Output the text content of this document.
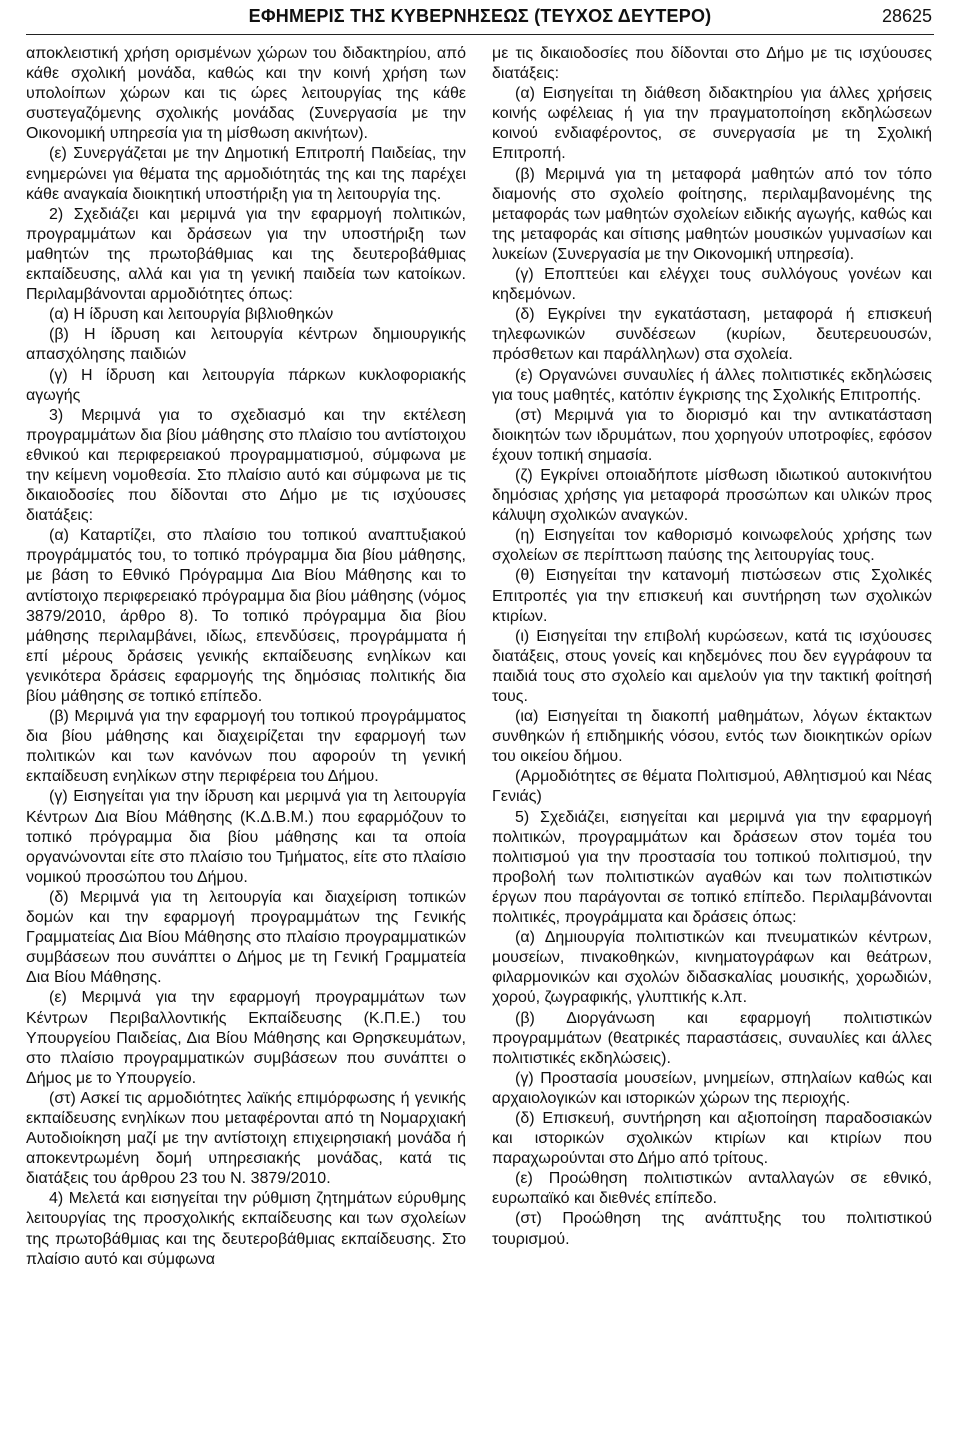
ΕΦΗΜΕΡΙΣ ΤΗΣ ΚΥΒΕΡΝΗΣΕΩΣ (ΤΕΥΧΟΣ ΔΕΥΤΕΡΟ)	28625

αποκλειστική χρήση ορισμένων χώρων του διδακτηρίου, από κάθε σχολική μονάδα, καθώς και την κοινή χρήση των υπολοίπων χώρων και τις ώρες λειτουργίας της κάθε συστεγαζόμενης σχολικής μονάδας (Συνεργασία με την Οικονομική υπηρεσία για τη μίσθωση ακινήτων).

(ε) Συνεργάζεται με την Δημοτική Επιτροπή Παιδείας, την ενημερώνει για θέματα της αρμοδιότητάς της και της παρέχει κάθε αναγκαία διοικητική υποστήριξη για τη λειτουργία της.

2) Σχεδιάζει και μεριμνά για την εφαρμογή πολιτικών, προγραμμάτων και δράσεων για την υποστήριξη των μαθητών της πρωτοβάθμιας και της δευτεροβάθμιας εκπαίδευσης, αλλά και για τη γενική παιδεία των κατοίκων. Περιλαμβάνονται αρμοδιότητες όπως:

(α) Η ίδρυση και λειτουργία βιβλιοθηκών

(β) Η ίδρυση και λειτουργία κέντρων δημιουργικής απασχόλησης παιδιών

(γ) Η ίδρυση και λειτουργία πάρκων κυκλοφοριακής αγωγής

3) Μεριμνά για το σχεδιασμό και την εκτέλεση προγραμμάτων δια βίου μάθησης στο πλαίσιο του αντίστοιχου εθνικού και περιφερειακού προγραμματισμού, σύμφωνα με την κείμενη νομοθεσία. Στο πλαίσιο αυτό και σύμφωνα με τις δικαιοδοσίες που δίδονται στο Δήμο με τις ισχύουσες διατάξεις:

(α) Καταρτίζει, στο πλαίσιο του τοπικού αναπτυξιακού προγράμματός του, το τοπικό πρόγραμμα δια βίου μάθησης, με βάση το Εθνικό Πρόγραμμα Δια Βίου Μάθησης και το αντίστοιχο περιφερειακό πρόγραμμα δια βίου μάθησης (νόμος 3879/2010, άρθρο 8). Το τοπικό πρόγραμμα δια βίου μάθησης περιλαμβάνει, ιδίως, επενδύσεις, προγράμματα ή επί μέρους δράσεις γενικής εκπαίδευσης ενηλίκων και γενικότερα δράσεις εφαρμογής της δημόσιας πολιτικής δια βίου μάθησης σε τοπικό επίπεδο.

(β) Μεριμνά για την εφαρμογή του τοπικού προγράμματος δια βίου μάθησης και διαχειρίζεται την εφαρμογή των πολιτικών και των κανόνων που αφορούν τη γενική εκπαίδευση ενηλίκων στην περιφέρεια του Δήμου.

(γ) Εισηγείται για την ίδρυση και μεριμνά για τη λειτουργία Κέντρων Δια Βίου Μάθησης (Κ.Δ.Β.Μ.) που εφαρμόζουν το τοπικό πρόγραμμα δια βίου μάθησης και τα οποία οργανώνονται είτε στο πλαίσιο του Τμήματος, είτε στο πλαίσιο νομικού προσώπου του Δήμου.

(δ) Μεριμνά για τη λειτουργία και διαχείριση τοπικών δομών και την εφαρμογή προγραμμάτων της Γενικής Γραμματείας Δια Βίου Μάθησης στο πλαίσιο προγραμματικών συμβάσεων που συνάπτει ο Δήμος με τη Γενική Γραμματεία Δια Βίου Μάθησης.

(ε) Μεριμνά για την εφαρμογή προγραμμάτων των Κέντρων Περιβαλλοντικής Εκπαίδευσης (Κ.Π.Ε.) του Υπουργείου Παιδείας, Δια Βίου Μάθησης και Θρησκευμάτων, στο πλαίσιο προγραμματικών συμβάσεων που συνάπτει ο Δήμος με το Υπουργείο.

(στ) Ασκεί τις αρμοδιότητες λαϊκής επιμόρφωσης ή γενικής εκπαίδευσης ενηλίκων που μεταφέρονται από τη Νομαρχιακή Αυτοδιοίκηση μαζί με την αντίστοιχη επιχειρησιακή μονάδα ή αποκεντρωμένη δομή υπηρεσιακής μονάδας, κατά τις διατάξεις του άρθρου 23 του Ν. 3879/2010.

4) Μελετά και εισηγείται την ρύθμιση ζητημάτων εύρυθμης λειτουργίας της προσχολικής εκπαίδευσης και των σχολείων της πρωτοβάθμιας και της δευτεροβάθμιας εκπαίδευσης. Στο πλαίσιο αυτό και σύμφωνα

με τις δικαιοδοσίες που δίδονται στο Δήμο με τις ισχύουσες διατάξεις:

(α) Εισηγείται τη διάθεση διδακτηρίου για άλλες χρήσεις κοινής ωφέλειας ή για την πραγματοποίηση εκδηλώσεων κοινού ενδιαφέροντος, σε συνεργασία με τη Σχολική Επιτροπή.

(β) Μεριμνά για τη μεταφορά μαθητών από τον τόπο διαμονής στο σχολείο φοίτησης, περιλαμβανομένης της μεταφοράς των μαθητών σχολείων ειδικής αγωγής, καθώς και της μεταφοράς και σίτισης μαθητών μουσικών γυμνασίων και λυκείων (Συνεργασία με την Οικονομική υπηρεσία).

(γ) Εποπτεύει και ελέγχει τους συλλόγους γονέων και κηδεμόνων.

(δ) Εγκρίνει την εγκατάσταση, μεταφορά ή επισκευή τηλεφωνικών συνδέσεων (κυρίων, δευτερευουσών, πρόσθετων και παράλληλων) στα σχολεία.

(ε) Οργανώνει συναυλίες ή άλλες πολιτιστικές εκδηλώσεις για τους μαθητές, κατόπιν έγκρισης της Σχολικής Επιτροπής.

(στ) Μεριμνά για το διορισμό και την αντικατάσταση διοικητών των ιδρυμάτων, που χορηγούν υποτροφίες, εφόσον έχουν τοπική σημασία.

(ζ) Εγκρίνει οποιαδήποτε μίσθωση ιδιωτικού αυτοκινήτου δημόσιας χρήσης για μεταφορά προσώπων και υλικών προς κάλυψη σχολικών αναγκών.

(η) Εισηγείται τον καθορισμό κοινωφελούς χρήσης των σχολείων σε περίπτωση παύσης της λειτουργίας τους.

(θ) Εισηγείται την κατανομή πιστώσεων στις Σχολικές Επιτροπές για την επισκευή και συντήρηση των σχολικών κτιρίων.

(ι) Εισηγείται την επιβολή κυρώσεων, κατά τις ισχύουσες διατάξεις, στους γονείς και κηδεμόνες που δεν εγγράφουν τα παιδιά τους στο σχολείο και αμελούν για την τακτική φοίτησή τους.

(ια) Εισηγείται τη διακοπή μαθημάτων, λόγων έκτακτων συνθηκών ή επιδημικής νόσου, εντός των διοικητικών ορίων του οικείου δήμου.

(Αρμοδιότητες σε θέματα Πολιτισμού, Αθλητισμού και Νέας Γενιάς)

5) Σχεδιάζει, εισηγείται και μεριμνά για την εφαρμογή πολιτικών, προγραμμάτων και δράσεων στον τομέα του πολιτισμού για την προστασία του τοπικού πολιτισμού, την προβολή των πολιτιστικών αγαθών και των πολιτιστικών έργων που παράγονται σε τοπικό επίπεδο. Περιλαμβάνονται πολιτικές, προγράμματα και δράσεις όπως:

(α) Δημιουργία πολιτιστικών και πνευματικών κέντρων, μουσείων, πινακοθηκών, κινηματογράφων και θεάτρων, φιλαρμονικών και σχολών διδασκαλίας μουσικής, χορωδιών, χορού, ζωγραφικής, γλυπτικής κ.λπ.

(β) Διοργάνωση και εφαρμογή πολιτιστικών προγραμμάτων (θεατρικές παραστάσεις, συναυλίες και άλλες πολιτιστικές εκδηλώσεις).

(γ) Προστασία μουσείων, μνημείων, σπηλαίων καθώς και αρχαιολογικών και ιστορικών χώρων της περιοχής.

(δ) Επισκευή, συντήρηση και αξιοποίηση παραδοσιακών και ιστορικών σχολικών κτιρίων και κτιρίων που παραχωρούνται στο Δήμο από τρίτους.

(ε) Προώθηση πολιτιστικών ανταλλαγών σε εθνικό, ευρωπαϊκό και διεθνές επίπεδο.

(στ) Προώθηση της ανάπτυξης του πολιτιστικού τουρισμού.
